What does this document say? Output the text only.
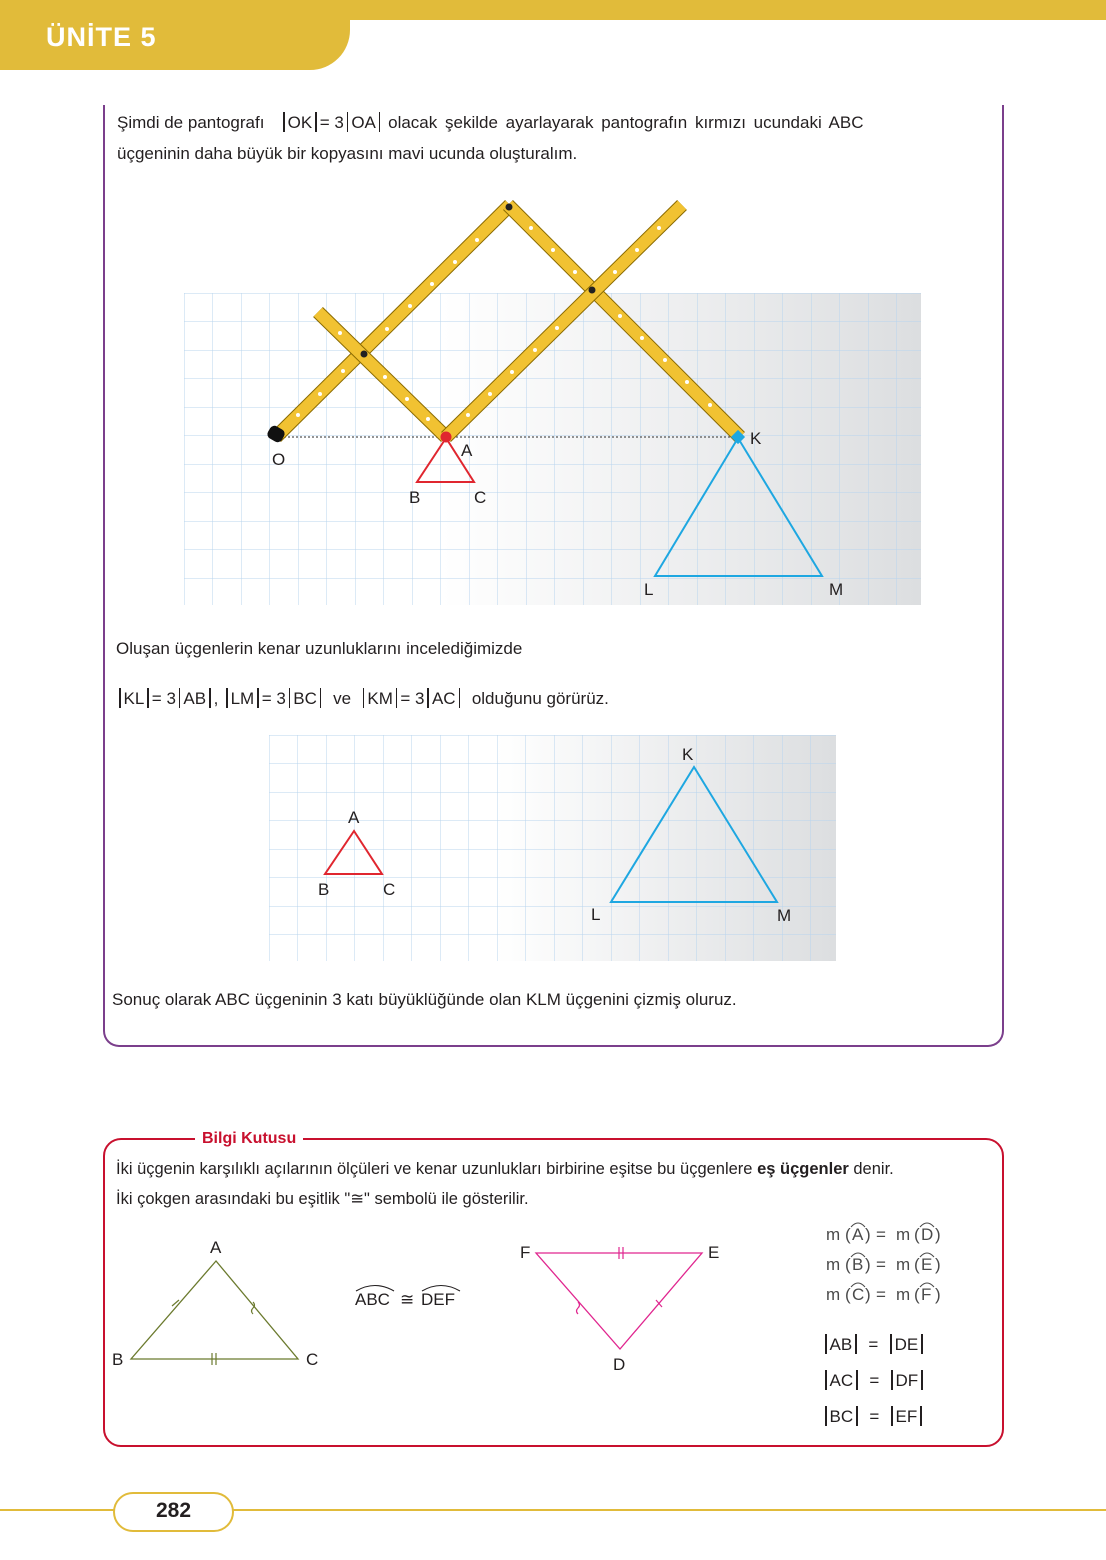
ÜNİTE 5
Şimdi de pantografı OK = 3 OA olacak şekilde ayarlayarak pantografın kırmızı ucundaki ABC
üçgeninin daha büyük bir kopyasını mavi ucunda oluşturalım.
O	A
B	C
K
L	M
Oluşan üçgenlerin kenar uzunluklarını incelediğimizde
KL = 3 AB , LM = 3 BC ve KM = 3 AC olduğunu görürüz.
A
B	C
K
L	M
Sonuç olarak ABC üçgeninin 3 katı büyüklüğünde olan KLM üçgenini çizmiş oluruz.
Bilgi Kutusu
İki üçgenin karşılıklı açılarının ölçüleri ve kenar uzunlukları birbirine eşitse bu üçgenlere eş üçgenler denir.
İki çokgen arasındaki bu eşitlik "≅" sembolü ile gösterilir.
A
B	C
F	E
D
ABC ≅ DEF
m ( A ) = m ( D )
m ( B ) = m ( E )
m ( C ) = m ( F )
AB = DE
AC = DF
BC = EF
282
